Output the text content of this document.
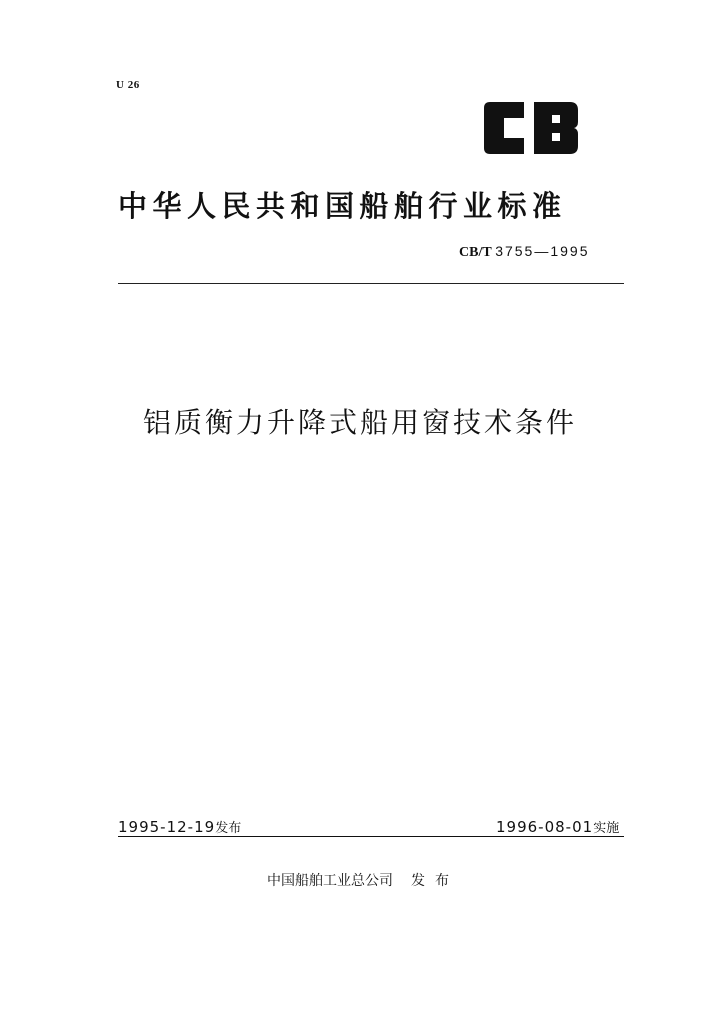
U 26
中华人民共和国船舶行业标准
CB/T 3755—1995
铝质衡力升降式船用窗技术条件
1995-12-19发布	1996-08-01实施
中国船舶工业总公司 发布
